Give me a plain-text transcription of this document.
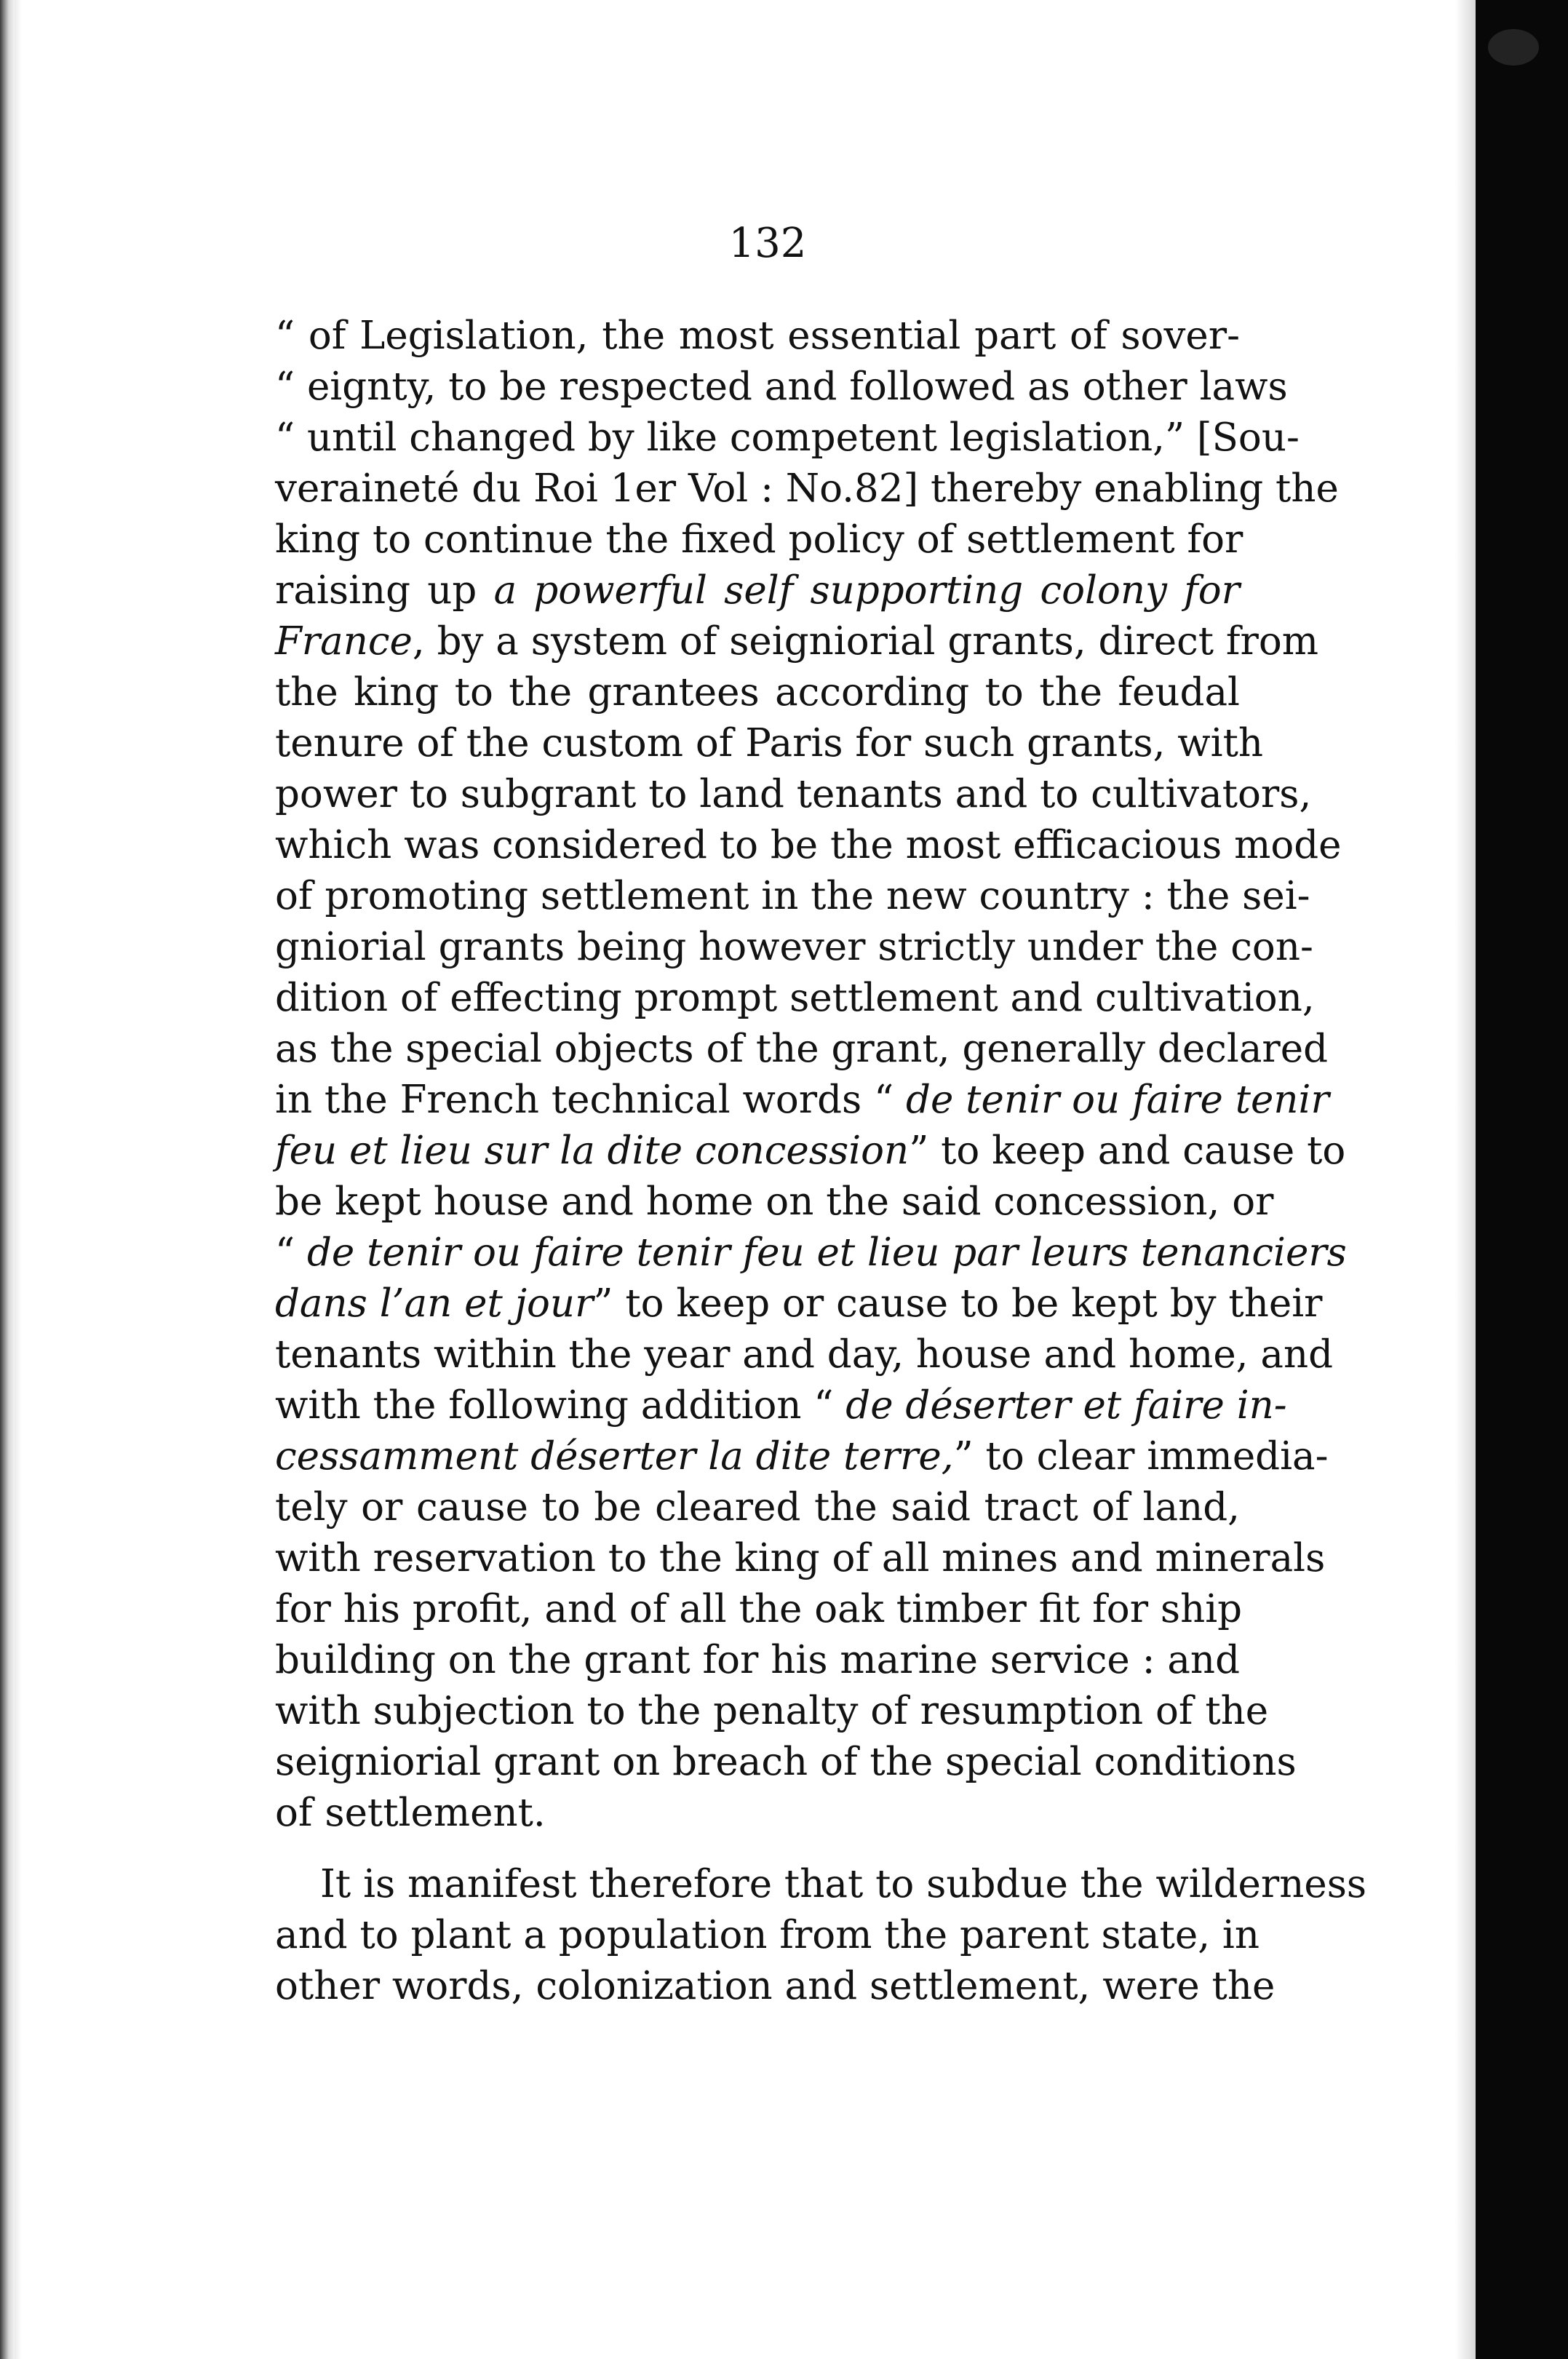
132
“ of Legislation, the most essential part of sover-
“ eignty, to be respected and followed as other laws
“ until changed by like competent legislation,” [Sou-
veraineté du Roi 1er Vol : No.82] thereby enabling the
king to continue the fixed policy of settlement for
raising up a powerful self supporting colony for
France, by a system of seigniorial grants, direct from
the king to the grantees according to the feudal
tenure of the custom of Paris for such grants, with
power to subgrant to land tenants and to cultivators,
which was considered to be the most efficacious mode
of promoting settlement in the new country : the sei-
gniorial grants being however strictly under the con-
dition of effecting prompt settlement and cultivation,
as the special objects of the grant, generally declared
in the French technical words “ de tenir ou faire tenir
feu et lieu sur la dite concession” to keep and cause to
be kept house and home on the said concession, or
“ de tenir ou faire tenir feu et lieu par leurs tenanciers
dans l’an et jour” to keep or cause to be kept by their
tenants within the year and day, house and home, and
with the following addition “ de déserter et faire in-
cessamment déserter la dite terre,” to clear immedia-
tely or cause to be cleared the said tract of land,
with reservation to the king of all mines and minerals
for his profit, and of all the oak timber fit for ship
building on the grant for his marine service : and
with subjection to the penalty of resumption of the
seigniorial grant on breach of the special conditions
of settlement.
It is manifest therefore that to subdue the wilderness
and to plant a population from the parent state, in
other words, colonization and settlement, were the
